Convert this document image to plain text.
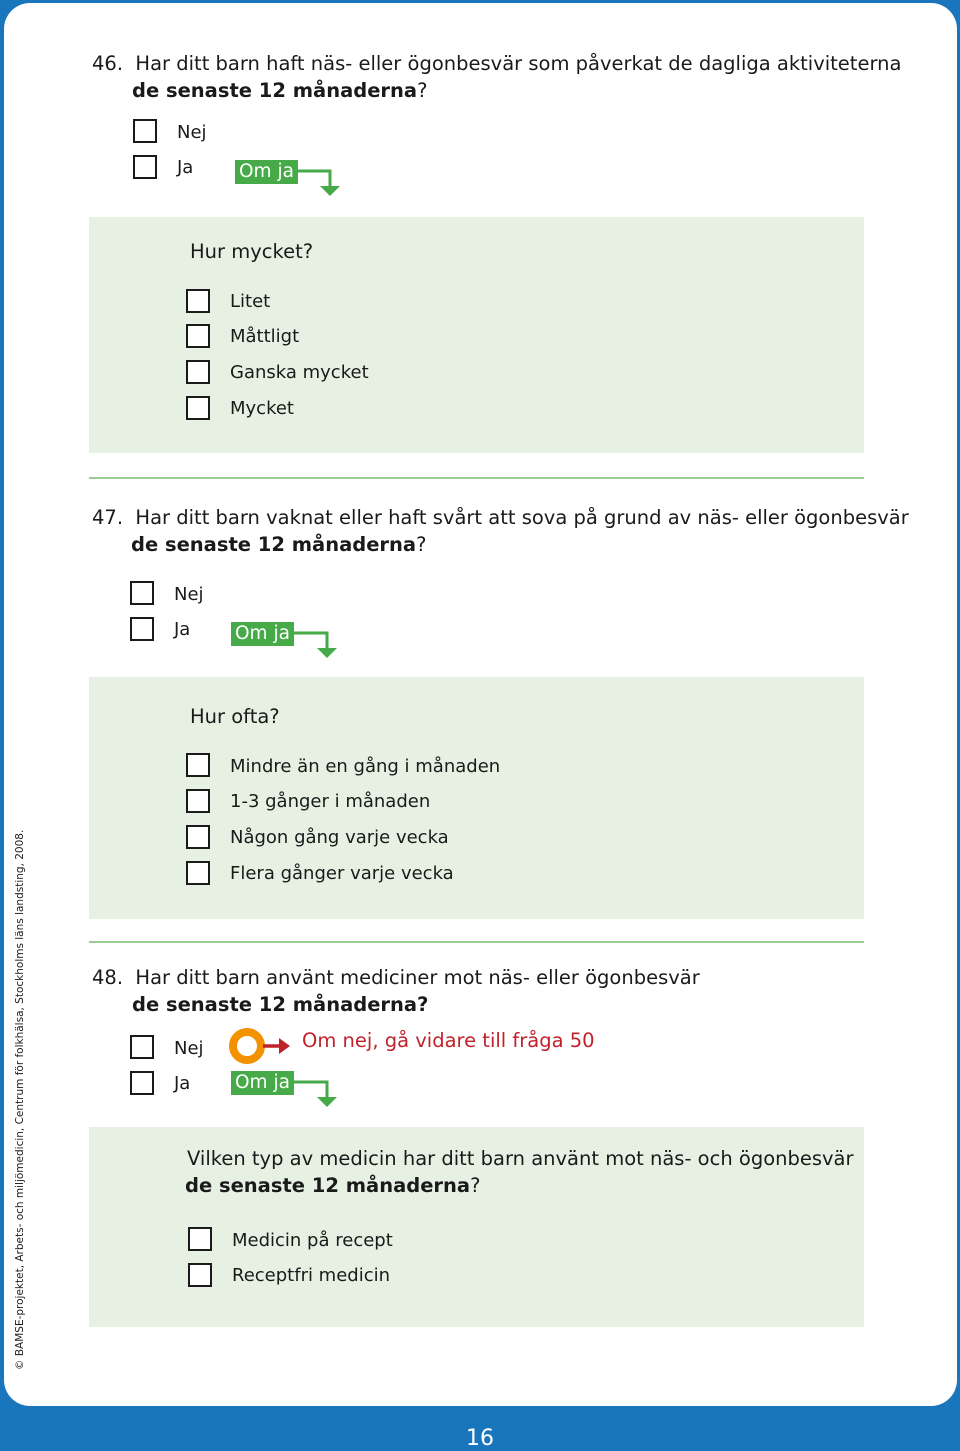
46. Har ditt barn haft näs- eller ögonbesvär som påverkat de dagliga aktiviteterna
de senaste 12 månaderna?
Nej
Ja Om ja
Hur mycket?
Litet
Måttligt
Ganska mycket
Mycket
47. Har ditt barn vaknat eller haft svårt att sova på grund av näs- eller ögonbesvär
de senaste 12 månaderna?
Nej
Ja Om ja
Hur ofta?
Mindre än en gång i månaden
1-3 gånger i månaden
Någon gång varje vecka
Flera gånger varje vecka
48. Har ditt barn använt mediciner mot näs- eller ögonbesvär
de senaste 12 månaderna?
Nej
Ja
Om nej, gå vidare till fråga 50
Om ja
Vilken typ av medicin har ditt barn använt mot näs- och ögonbesvär
de senaste 12 månaderna?
Medicin på recept
Receptfri medicin
© BAMSE-projektet, Arbets- och miljömedicin, Centrum för folkhälsa, Stockholms läns landsting, 2008.
16
